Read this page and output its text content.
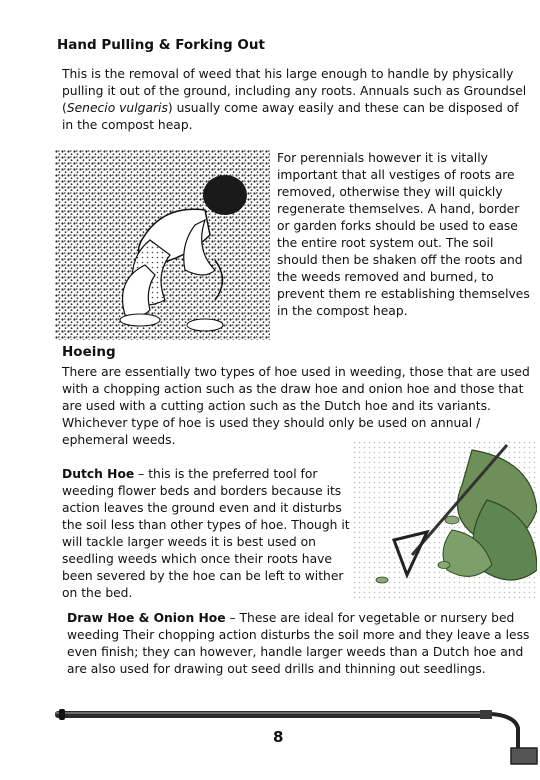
Hand Pulling & Forking Out

This is the removal of weed that his large enough to handle by physically pulling it out of the ground, including any roots. Annuals such as Groundsel (Senecio vulgaris) usually come away easily and these can be disposed of in the compost heap.

For perennials however it is vitally important that all vestiges of roots are removed, otherwise they will quickly regenerate themselves. A hand, border or garden forks should be used to ease the entire root system out. The soil should then be shaken off the roots and the weeds removed and burned, to prevent them re establishing themselves in the compost heap.

Hoeing

There are essentially two types of hoe used in weeding, those that are used with a chopping action such as the draw hoe and onion hoe and those that are used with a cutting action such as the Dutch hoe and its variants. Whichever type of hoe is used they should only be used on annual / ephemeral weeds.

Dutch Hoe – this is the preferred tool for weeding flower beds and borders because its action leaves the ground even and it disturbs the soil less than other types of hoe. Though it will tackle larger weeds it is best used on seedling weeds which once their roots have been severed by the hoe can be left to wither on the bed.

Draw Hoe & Onion Hoe – These are ideal for vegetable or nursery bed weeding Their chopping action disturbs the soil more and they leave a less even finish; they can however, handle larger weeds than a Dutch hoe and are also used for drawing out seed drills and thinning out seedlings.

8
